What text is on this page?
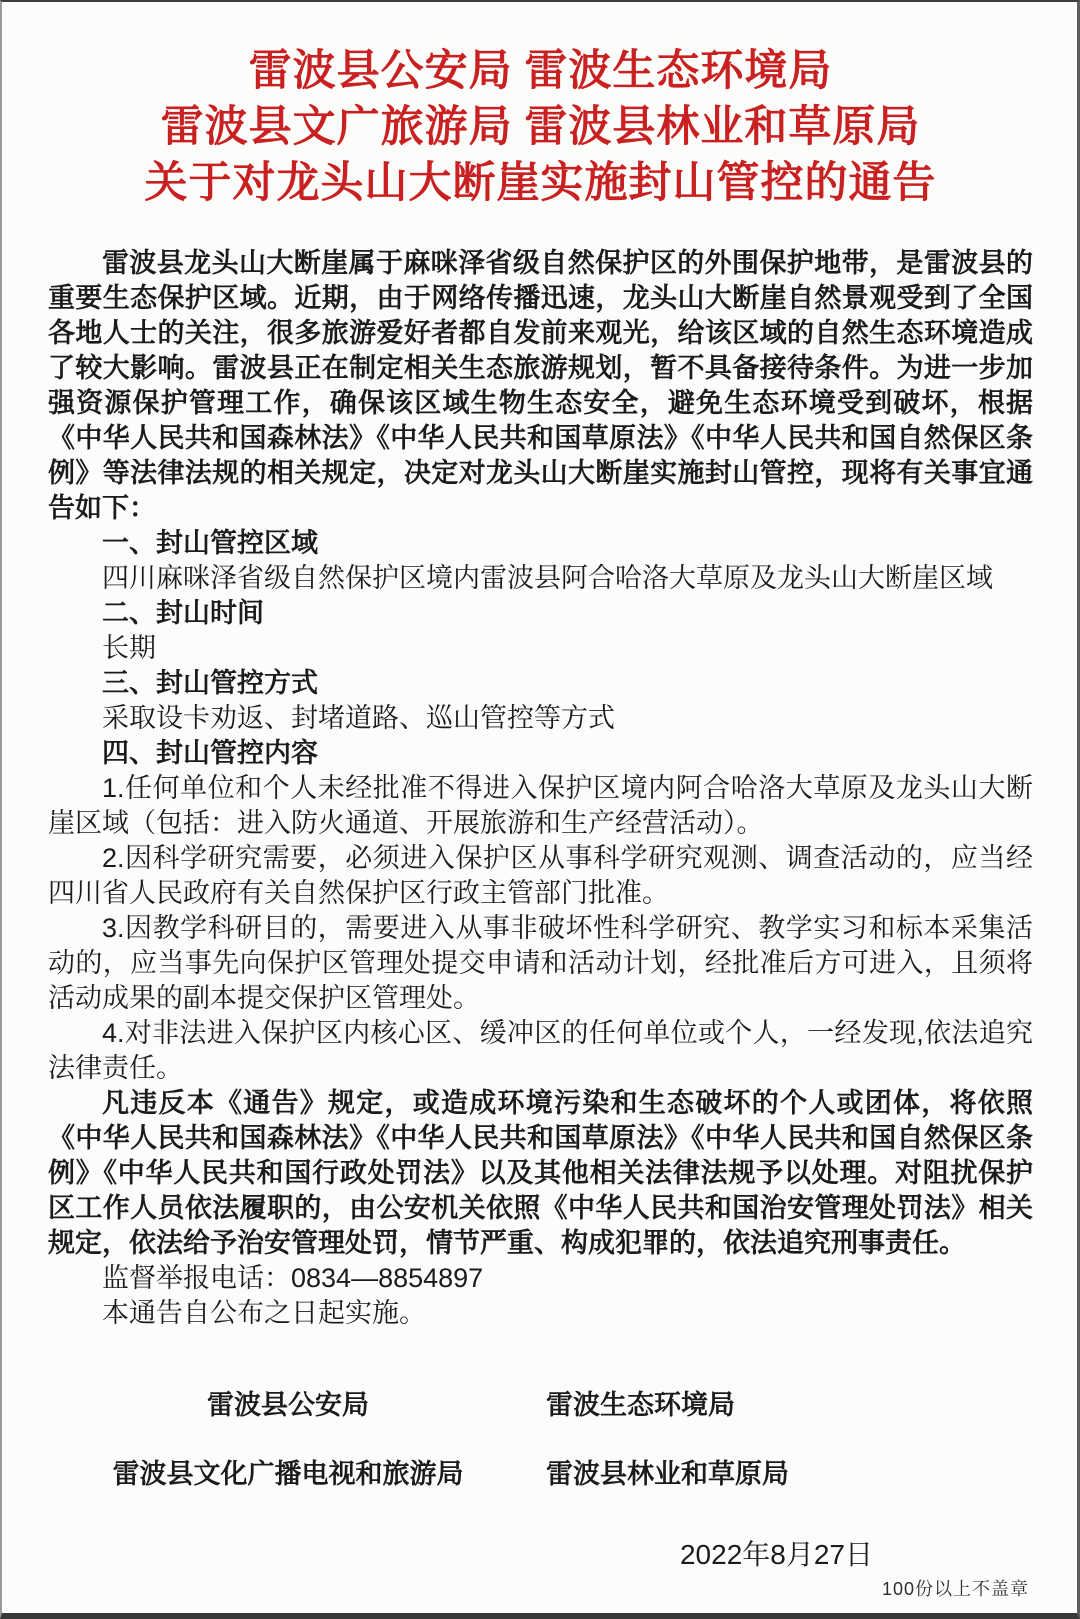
雷波县公安局 雷波生态环境局
雷波县文广旅游局 雷波县林业和草原局
关于对龙头山大断崖实施封山管控的通告

雷波县龙头山大断崖属于麻咪泽省级自然保护区的外围保护地带，是雷波县的重要生态保护区域。近期，由于网络传播迅速，龙头山大断崖自然景观受到了全国各地人士的关注，很多旅游爱好者都自发前来观光，给该区域的自然生态环境造成了较大影响。雷波县正在制定相关生态旅游规划，暂不具备接待条件。为进一步加强资源保护管理工作，确保该区域生物生态安全，避免生态环境受到破坏，根据《中华人民共和国森林法》《中华人民共和国草原法》《中华人民共和国自然保区条例》等法律法规的相关规定，决定对龙头山大断崖实施封山管控，现将有关事宜通告如下：

一、封山管控区域

四川麻咪泽省级自然保护区境内雷波县阿合哈洛大草原及龙头山大断崖区域

二、封山时间

长期

三、封山管控方式

采取设卡劝返、封堵道路、巡山管控等方式

四、封山管控内容

1.任何单位和个人未经批准不得进入保护区境内阿合哈洛大草原及龙头山大断崖区域（包括：进入防火通道、开展旅游和生产经营活动）。

2.因科学研究需要，必须进入保护区从事科学研究观测、调查活动的，应当经四川省人民政府有关自然保护区行政主管部门批准。

3.因教学科研目的，需要进入从事非破坏性科学研究、教学实习和标本采集活动的，应当事先向保护区管理处提交申请和活动计划，经批准后方可进入，且须将活动成果的副本提交保护区管理处。

4.对非法进入保护区内核心区、缓冲区的任何单位或个人，一经发现,依法追究法律责任。

凡违反本《通告》规定，或造成环境污染和生态破坏的个人或团体，将依照《中华人民共和国森林法》《中华人民共和国草原法》《中华人民共和国自然保区条例》《中华人民共和国行政处罚法》以及其他相关法律法规予以处理。对阻扰保护区工作人员依法履职的，由公安机关依照《中华人民共和国治安管理处罚法》相关规定，依法给予治安管理处罚，情节严重、构成犯罪的，依法追究刑事责任。

监督举报电话：0834—8854897

本通告自公布之日起实施。

雷波县公安局	雷波生态环境局
雷波县文化广播电视和旅游局	雷波县林业和草原局
2022年8月27日
100份以上不盖章
